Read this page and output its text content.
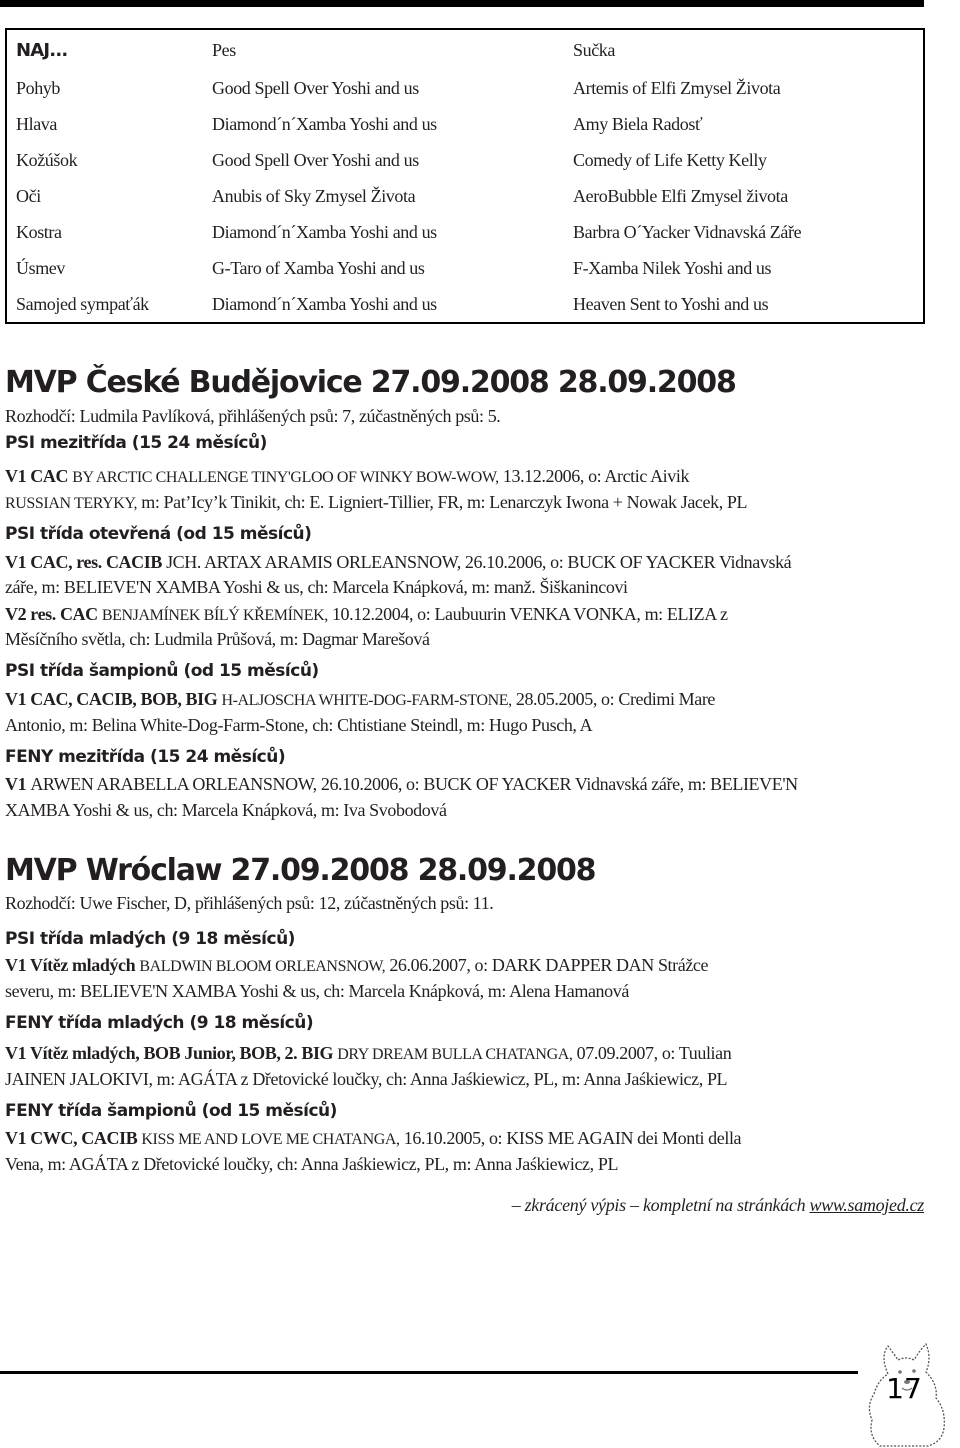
NAJ...	Pes	Sučka
Pohyb	Good Spell Over Yoshi and us	Artemis of Elfi Zmysel Života
Hlava	Diamond´n´Xamba Yoshi and us	Amy Biela Radosť
Kožúšok	Good Spell Over Yoshi and us	Comedy of Life Ketty Kelly
Oči	Anubis of Sky Zmysel Života	AeroBubble Elfi Zmysel života
Kostra	Diamond´n´Xamba Yoshi and us	Barbra O´Yacker Vidnavská Záře
Úsmev	G-Taro of Xamba Yoshi and us	F-Xamba Nilek Yoshi and us
Samojed sympaťák	Diamond´n´Xamba Yoshi and us	Heaven Sent to Yoshi and us
MVP České Budějovice 27.09.2008 28.09.2008

Rozhodčí: Ludmila Pavlíková, přihlášených psů: 7, zúčastněných psů: 5.

PSI mezitřída (15 24 měsíců)

V1 CAC BY ARCTIC CHALLENGE TINY'GLOO OF WINKY BOW-WOW, 13.12.2006, o: Arctic Aivik

RUSSIAN TERYKY, m: Pat’Icy’k Tinikit, ch: E. Ligniert-Tillier, FR, m: Lenarczyk Iwona + Nowak Jacek, PL

PSI třída otevřená (od 15 měsíců)

V1 CAC, res. CACIB JCH. ARTAX ARAMIS ORLEANSNOW, 26.10.2006, o: BUCK OF YACKER Vidnavská

záře, m: BELIEVE'N XAMBA Yoshi & us, ch: Marcela Knápková, m: manž. Šiškanincovi

V2 res. CAC BENJAMÍNEK BÍLÝ KŘEMÍNEK, 10.12.2004, o: Laubuurin VENKA VONKA, m: ELIZA z

Měsíčního světla, ch: Ludmila Průšová, m: Dagmar Marešová

PSI třída šampionů (od 15 měsíců)

V1 CAC, CACIB, BOB, BIG H-ALJOSCHA WHITE-DOG-FARM-STONE, 28.05.2005, o: Credimi Mare

Antonio, m: Belina White-Dog-Farm-Stone, ch: Chtistiane Steindl, m: Hugo Pusch, A

FENY mezitřída (15 24 měsíců)

V1 ARWEN ARABELLA ORLEANSNOW, 26.10.2006, o: BUCK OF YACKER Vidnavská záře, m: BELIEVE'N

XAMBA Yoshi & us, ch: Marcela Knápková, m: Iva Svobodová

MVP Wróclaw 27.09.2008 28.09.2008

Rozhodčí: Uwe Fischer, D, přihlášených psů: 12, zúčastněných psů: 11.

PSI třída mladých (9 18 měsíců)

V1 Vítěz mladých BALDWIN BLOOM ORLEANSNOW, 26.06.2007, o: DARK DAPPER DAN Strážce

severu, m: BELIEVE'N XAMBA Yoshi & us, ch: Marcela Knápková, m: Alena Hamanová

FENY třída mladých (9 18 měsíců)

V1 Vítěz mladých, BOB Junior, BOB, 2. BIG DRY DREAM BULLA CHATANGA, 07.09.2007, o: Tuulian

JAINEN JALOKIVI, m: AGÁTA z Dřetovické loučky, ch: Anna Jaśkiewicz, PL, m: Anna Jaśkiewicz, PL

FENY třída šampionů (od 15 měsíců)

V1 CWC, CACIB KISS ME AND LOVE ME CHATANGA, 16.10.2005, o: KISS ME AGAIN dei Monti della

Vena, m: AGÁTA z Dřetovické loučky, ch: Anna Jaśkiewicz, PL, m: Anna Jaśkiewicz, PL

– zkrácený výpis – kompletní na stránkách www.samojed.cz

17
